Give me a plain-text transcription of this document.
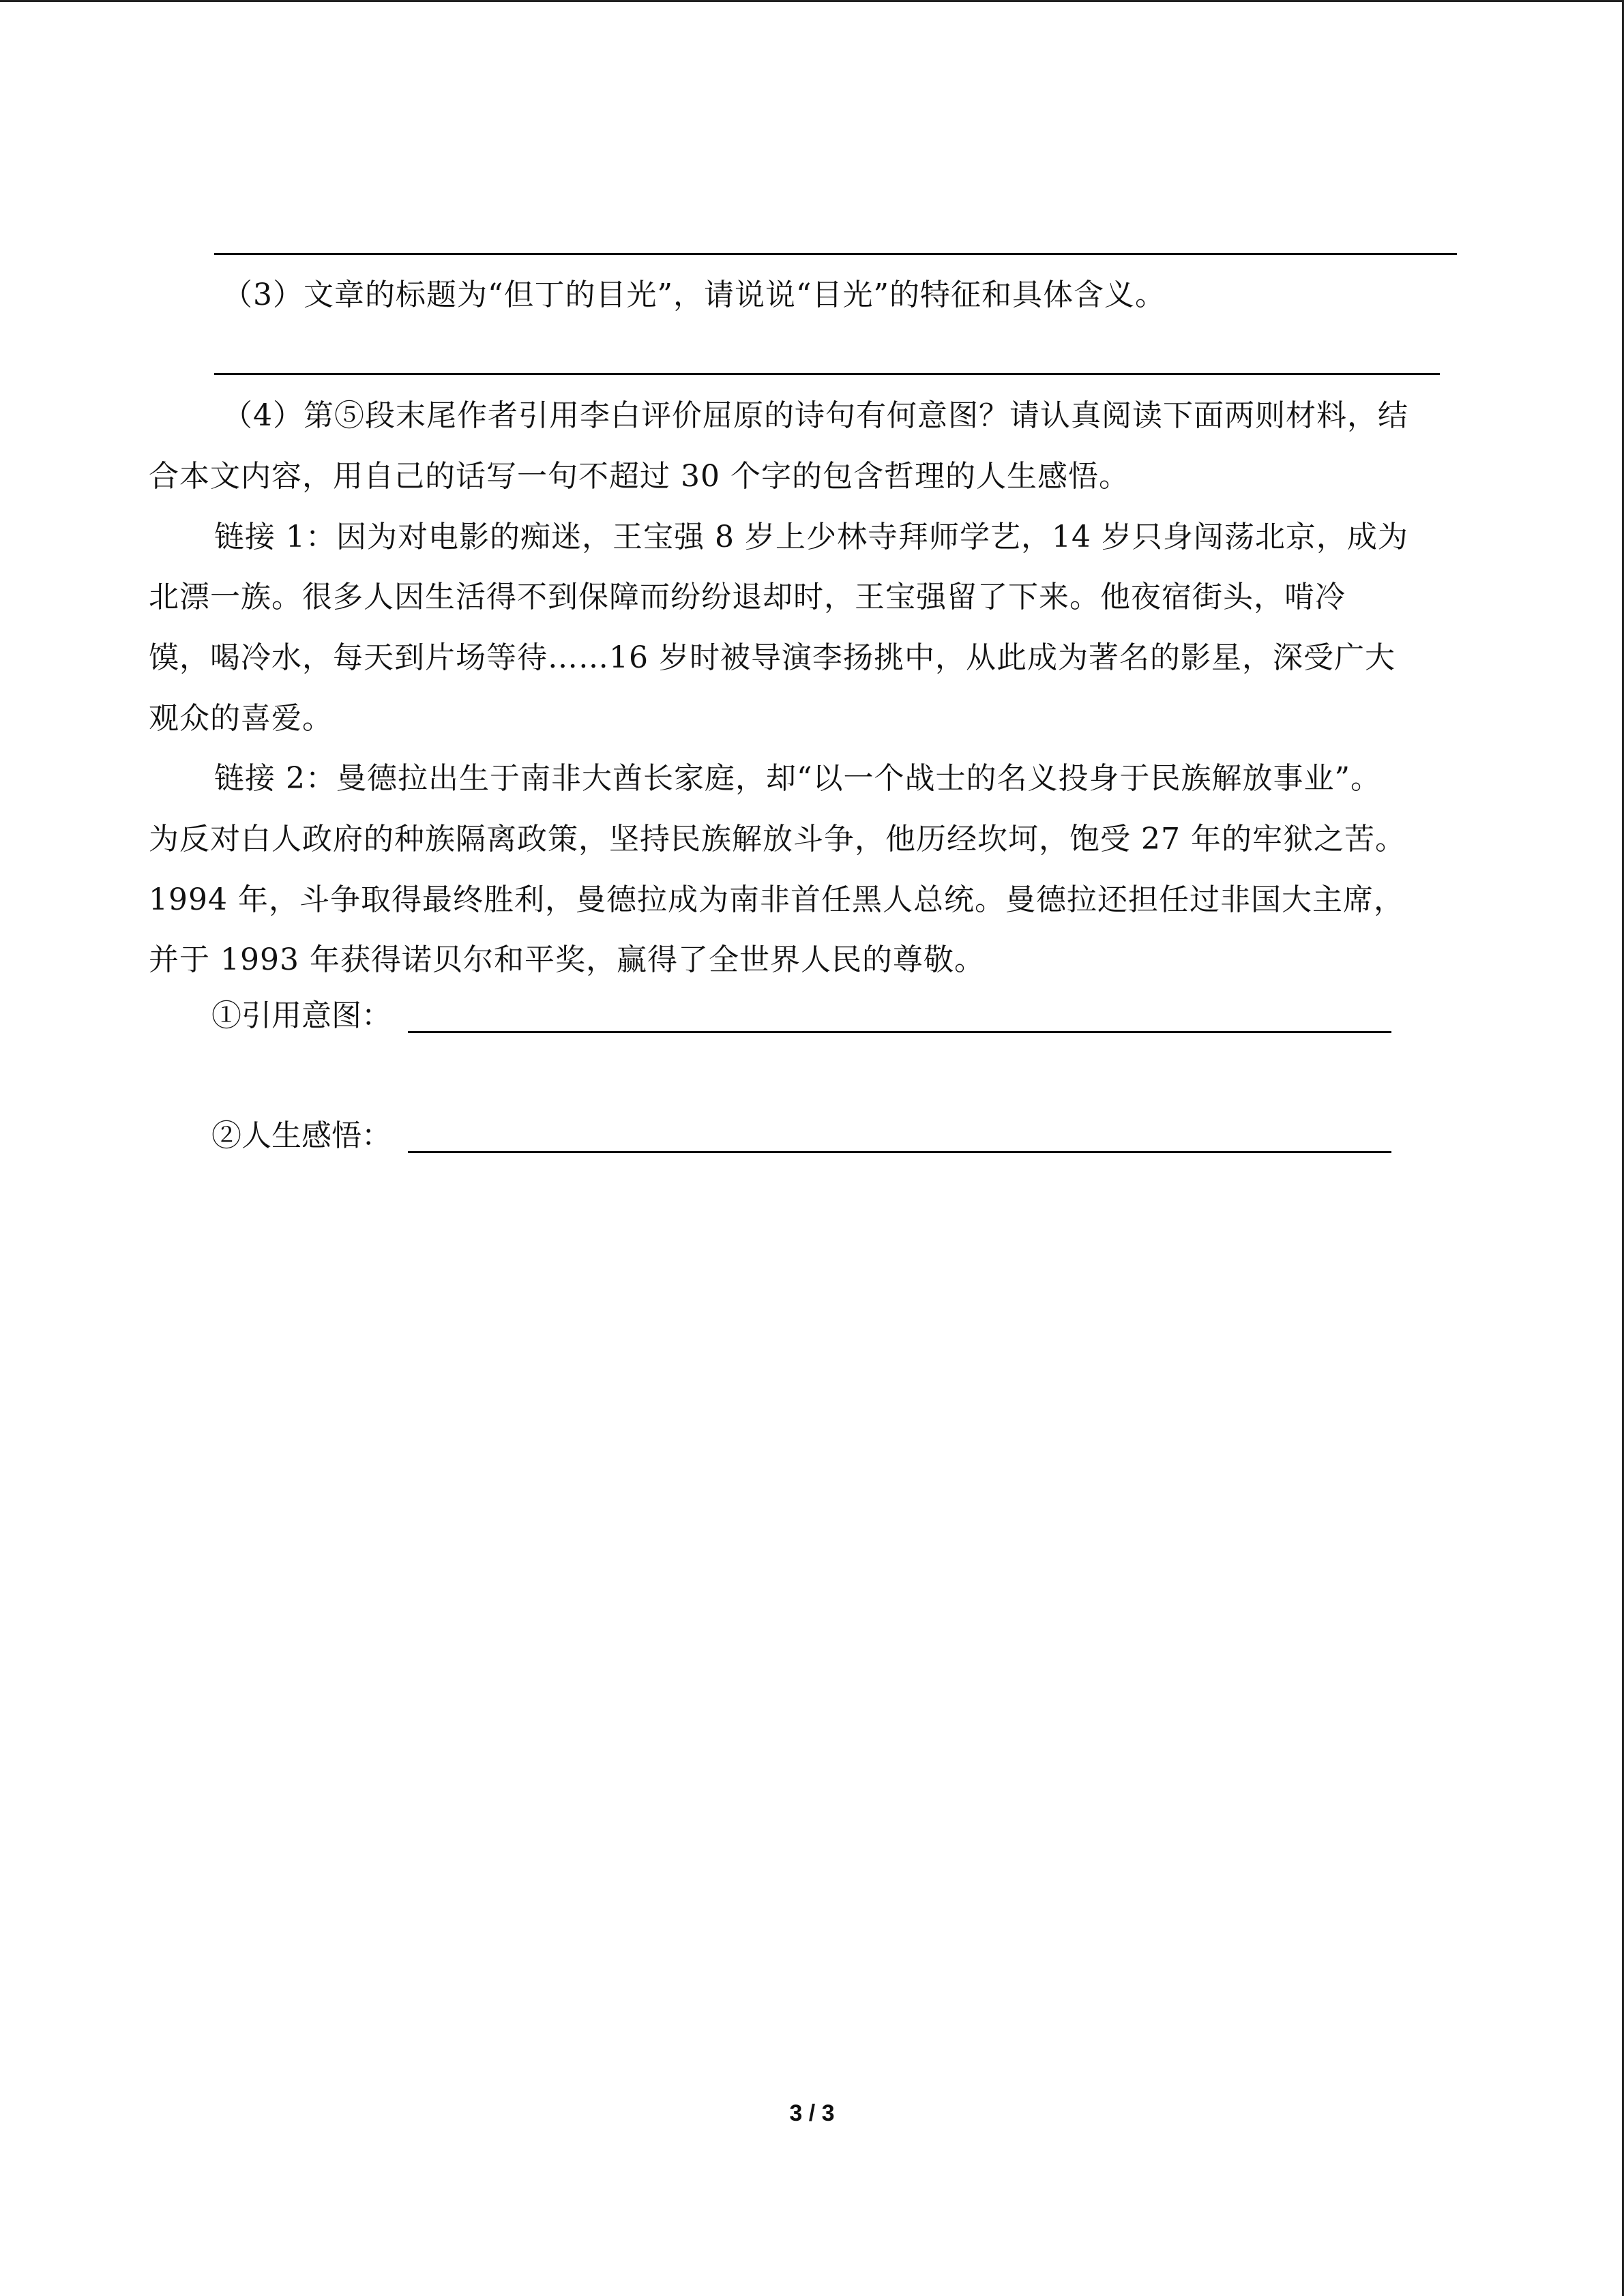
（3）文章的标题为“但丁的目光”，请说说“目光”的特征和具体含义。
（4）第⑤段末尾作者引用李白评价屈原的诗句有何意图？请认真阅读下面两则材料，结
合本文内容，用自己的话写一句不超过 30 个字的包含哲理的人生感悟。
链接 1：因为对电影的痴迷，王宝强 8 岁上少林寺拜师学艺，14 岁只身闯荡北京，成为
北漂一族。很多人因生活得不到保障而纷纷退却时，王宝强留了下来。他夜宿街头，啃冷
馍，喝冷水，每天到片场等待……16 岁时被导演李扬挑中，从此成为著名的影星，深受广大
观众的喜爱。
链接 2：曼德拉出生于南非大酋长家庭，却“以一个战士的名义投身于民族解放事业”。
为反对白人政府的种族隔离政策，坚持民族解放斗争，他历经坎坷，饱受 27 年的牢狱之苦。
1994 年，斗争取得最终胜利，曼德拉成为南非首任黑人总统。曼德拉还担任过非国大主席，
并于 1993 年获得诺贝尔和平奖，赢得了全世界人民的尊敬。
①引用意图：
②人生感悟：
3 / 3
